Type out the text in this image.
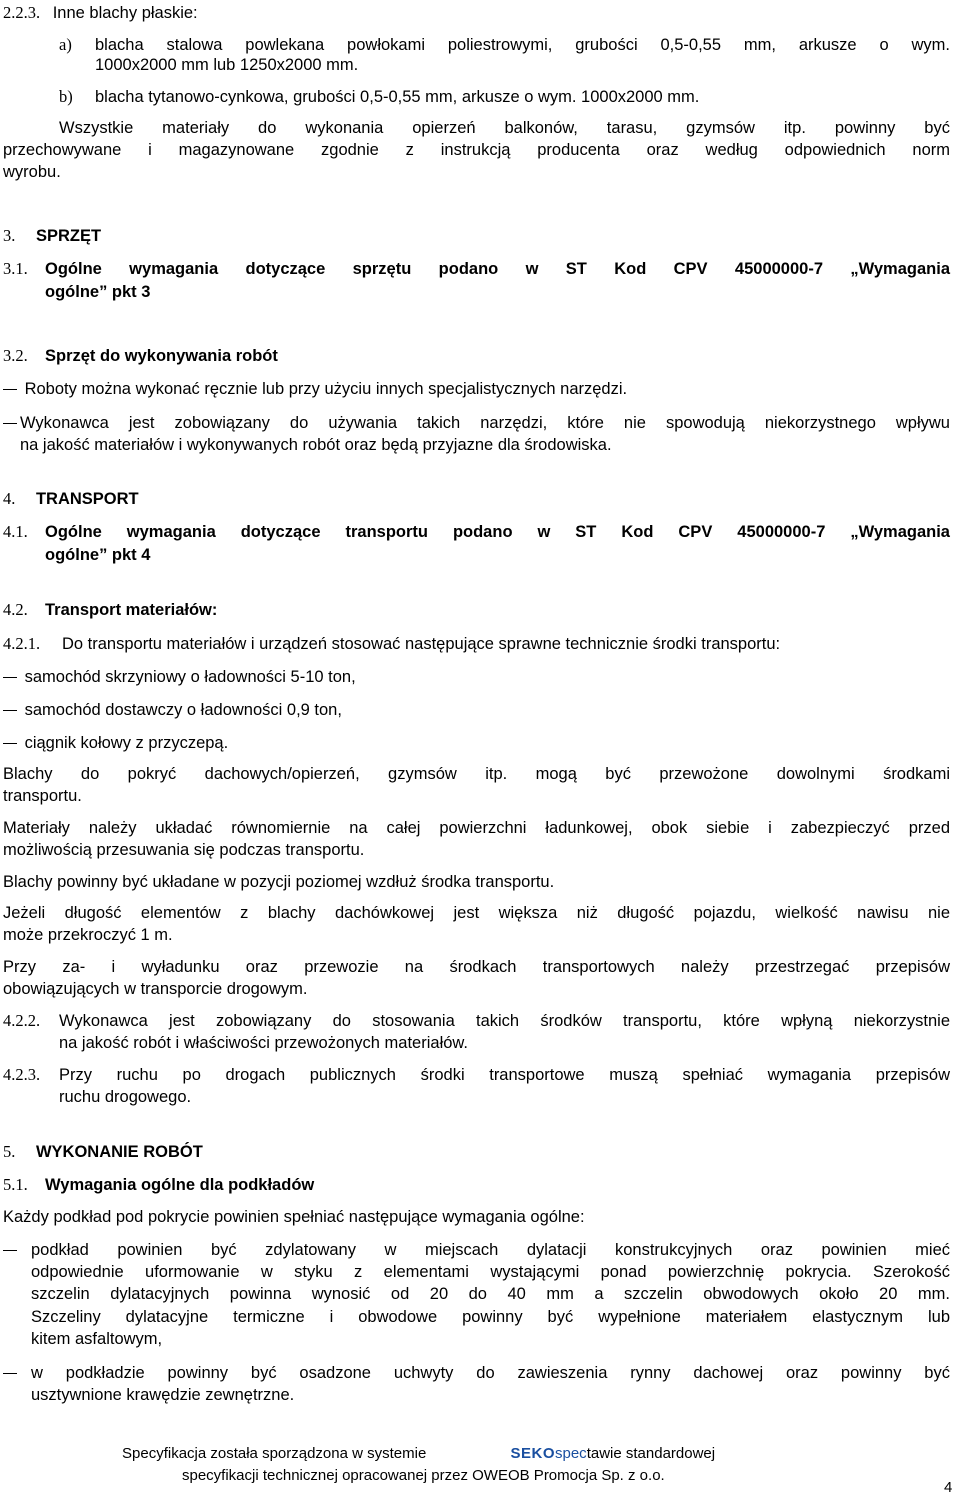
2.2.3. Inne blachy płaskie:
a) blacha stalowa powlekana powłokami poliestrowymi, grubości 0,5-0,55 mm, arkusze o wym.
1000x2000 mm lub 1250x2000 mm.
b) blacha tytanowo-cynkowa, grubości 0,5-0,55 mm, arkusze o wym. 1000x2000 mm.
Wszystkie materiały do wykonania opierzeń balkonów, tarasu, gzymsów itp. powinny być
przechowywane i magazynowane zgodnie z instrukcją producenta oraz według odpowiednich norm
wyrobu.
3. SPRZĘT
3.1. Ogólne wymagania dotyczące sprzętu podano w ST Kod CPV 45000000-7 „Wymagania
ogólne” pkt 3
3.2. Sprzęt do wykonywania robót
Roboty można wykonać ręcznie lub przy użyciu innych specjalistycznych narzędzi.
Wykonawca jest zobowiązany do używania takich narzędzi, które nie spowodują niekorzystnego wpływu
na jakość materiałów i wykonywanych robót oraz będą przyjazne dla środowiska.
4. TRANSPORT
4.1. Ogólne wymagania dotyczące transportu podano w ST Kod CPV 45000000-7 „Wymagania
ogólne” pkt 4
4.2. Transport materiałów:
4.2.1. Do transportu materiałów i urządzeń stosować następujące sprawne technicznie środki transportu:
samochód skrzyniowy o ładowności 5-10 ton,
samochód dostawczy o ładowności 0,9 ton,
ciągnik kołowy z przyczepą.
Blachy do pokryć dachowych/opierzeń, gzymsów itp. mogą być przewożone dowolnymi środkami
transportu.
Materiały należy układać równomiernie na całej powierzchni ładunkowej, obok siebie i zabezpieczyć przed
możliwością przesuwania się podczas transportu.
Blachy powinny być układane w pozycji poziomej wzdłuż środka transportu.
Jeżeli długość elementów z blachy dachówkowej jest większa niż długość pojazdu, wielkość nawisu nie
może przekroczyć 1 m.
Przy za- i wyładunku oraz przewozie na środkach transportowych należy przestrzegać przepisów
obowiązujących w transporcie drogowym.
4.2.2. Wykonawca jest zobowiązany do stosowania takich środków transportu, które wpłyną niekorzystnie
na jakość robót i właściwości przewożonych materiałów.
4.2.3. Przy ruchu po drogach publicznych środki transportowe muszą spełniać wymagania przepisów
ruchu drogowego.
5. WYKONANIE ROBÓT
5.1. Wymagania ogólne dla podkładów
Każdy podkład pod pokrycie powinien spełniać następujące wymagania ogólne:
podkład powinien być zdylatowany w miejscach dylatacji konstrukcyjnych oraz powinien mieć
odpowiednie uformowanie w styku z elementami wystającymi ponad powierzchnię pokrycia. Szerokość
szczelin dylatacyjnych powinna wynosić od 20 do 40 mm a szczelin obwodowych około 20 mm.
Szczeliny dylatacyjne termiczne i obwodowe powinny być wypełnione materiałem elastycznym lub
kitem asfaltowym,
w podkładzie powinny być osadzone uchwyty do zawieszenia rynny dachowej oraz powinny być
usztywnione krawędzie zewnętrzne.
Specyfikacja została sporządzona w systemie	SEKOspectawie standardowej
specyfikacji technicznej opracowanej przez OWEOB Promocja Sp. z o.o.
4
